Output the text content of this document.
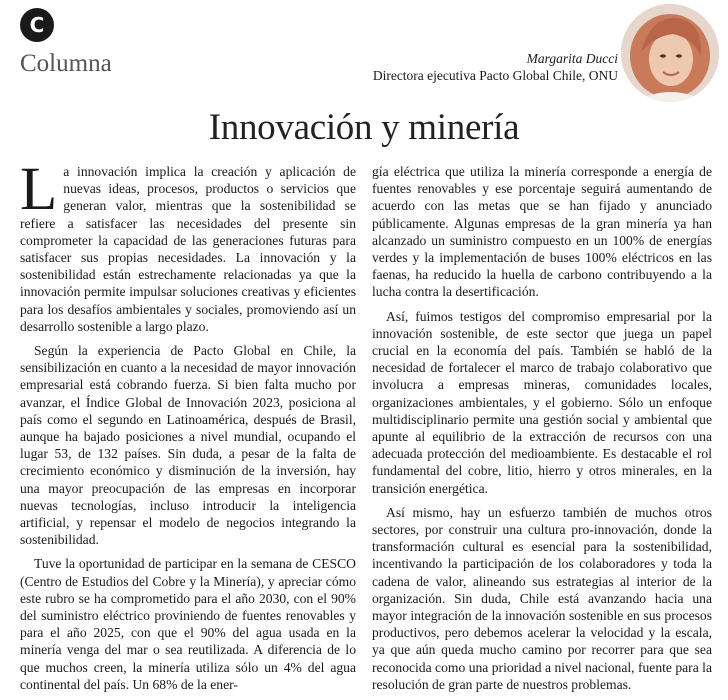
C
Columna	Margarita Ducci
Directora ejecutiva Pacto Global Chile, ONU
Innovación y minería

La innovación implica la creación y aplicación de nuevas ideas, procesos, productos o servicios que generan valor, mientras que la sostenibilidad se refiere a satisfacer las necesidades del presente sin comprometer la capacidad de las generaciones futuras para satisfacer sus propias necesidades. La innovación y la sostenibilidad están estrechamente relacionadas ya que la innovación permite impulsar soluciones creativas y eficientes para los desafíos ambientales y sociales, promoviendo así un desarrollo sostenible a largo plazo.

Según la experiencia de Pacto Global en Chile, la sensibilización en cuanto a la necesidad de mayor innovación empresarial está cobrando fuerza. Si bien falta mucho por avanzar, el Índice Global de Innovación 2023, posiciona al país como el segundo en Latinoamérica, después de Brasil, aunque ha bajado posiciones a nivel mundial, ocupando el lugar 53, de 132 países. Sin duda, a pesar de la falta de crecimiento económico y disminución de la inversión, hay una mayor preocupación de las empresas en incorporar nuevas tecnologías, incluso introducir la inteligencia artificial, y repensar el modelo de negocios integrando la sostenibilidad.

Tuve la oportunidad de participar en la semana de CESCO (Centro de Estudios del Cobre y la Minería), y apreciar cómo este rubro se ha comprometido para el año 2030, con el 90% del suministro eléctrico proviniendo de fuentes renovables y para el año 2025, con que el 90% del agua usada en la minería venga del mar o sea reutilizada. A diferencia de lo que muchos creen, la minería utiliza sólo un 4% del agua continental del país. Un 68% de la ener-

gía eléctrica que utiliza la minería corresponde a energía de fuentes renovables y ese porcentaje seguirá aumentando de acuerdo con las metas que se han fijado y anunciado públicamente. Algunas empresas de la gran minería ya han alcanzado un suministro compuesto en un 100% de energías verdes y la implementación de buses 100% eléctricos en las faenas, ha reducido la huella de carbono contribuyendo a la lucha contra la desertificación.

Así, fuimos testigos del compromiso empresarial por la innovación sostenible, de este sector que juega un papel crucial en la economía del país. También se habló de la necesidad de fortalecer el marco de trabajo colaborativo que involucra a empresas mineras, comunidades locales, organizaciones ambientales, y el gobierno. Sólo un enfoque multidisciplinario permite una gestión social y ambiental que apunte al equilibrio de la extracción de recursos con una adecuada protección del medioambiente. Es destacable el rol fundamental del cobre, litio, hierro y otros minerales, en la transición energética.

Así mismo, hay un esfuerzo también de muchos otros sectores, por construir una cultura pro-innovación, donde la transformación cultural es esencial para la sostenibilidad, incentivando la participación de los colaboradores y toda la cadena de valor, alineando sus estrategias al interior de la organización. Sin duda, Chile está avanzando hacia una mayor integración de la innovación sostenible en sus procesos productivos, pero debemos acelerar la velocidad y la escala, ya que aún queda mucho camino por recorrer para que sea reconocida como una prioridad a nivel nacional, fuente para la resolución de gran parte de nuestros problemas.
